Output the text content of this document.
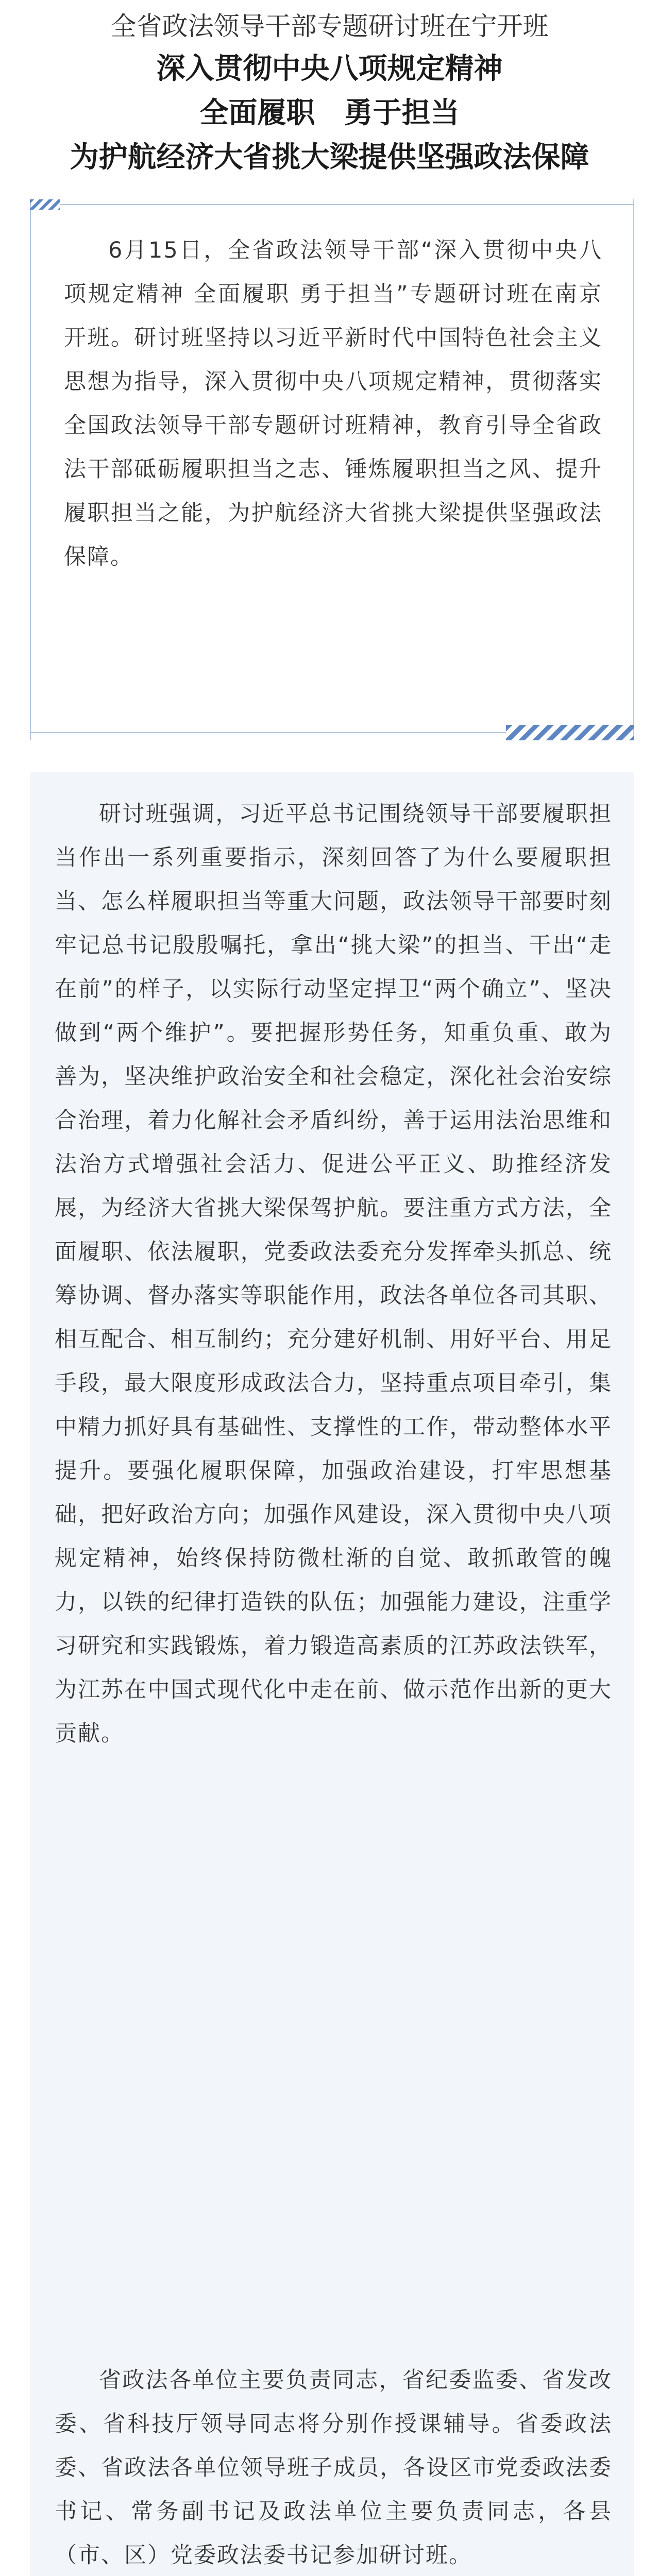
全省政法领导干部专题研讨班在宁开班
深入贯彻中央八项规定精神
全面履职　勇于担当
为护航经济大省挑大梁提供坚强政法保障

6月15日，全省政法领导干部“深入贯彻中央八项规定精神 全面履职 勇于担当”专题研讨班在南京开班。研讨班坚持以习近平新时代中国特色社会主义思想为指导，深入贯彻中央八项规定精神，贯彻落实全国政法领导干部专题研讨班精神，教育引导全省政法干部砥砺履职担当之志、锤炼履职担当之风、提升履职担当之能，为护航经济大省挑大梁提供坚强政法保障。

研讨班强调，习近平总书记围绕领导干部要履职担当作出一系列重要指示，深刻回答了为什么要履职担当、怎么样履职担当等重大问题，政法领导干部要时刻牢记总书记殷殷嘱托，拿出“挑大梁”的担当、干出“走在前”的样子，以实际行动坚定捍卫“两个确立”、坚决做到“两个维护”。要把握形势任务，知重负重、敢为善为，坚决维护政治安全和社会稳定，深化社会治安综合治理，着力化解社会矛盾纠纷，善于运用法治思维和法治方式增强社会活力、促进公平正义、助推经济发展，为经济大省挑大梁保驾护航。要注重方式方法，全面履职、依法履职，党委政法委充分发挥牵头抓总、统筹协调、督办落实等职能作用，政法各单位各司其职、相互配合、相互制约；充分建好机制、用好平台、用足手段，最大限度形成政法合力，坚持重点项目牵引，集中精力抓好具有基础性、支撑性的工作，带动整体水平提升。要强化履职保障，加强政治建设，打牢思想基础，把好政治方向；加强作风建设，深入贯彻中央八项规定精神，始终保持防微杜渐的自觉、敢抓敢管的魄力，以铁的纪律打造铁的队伍；加强能力建设，注重学习研究和实践锻炼，着力锻造高素质的江苏政法铁军，为江苏在中国式现代化中走在前、做示范作出新的更大贡献。

省政法各单位主要负责同志，省纪委监委、省发改委、省科技厅领导同志将分别作授课辅导。省委政法委、省政法各单位领导班子成员，各设区市党委政法委书记、常务副书记及政法单位主要负责同志，各县（市、区）党委政法委书记参加研讨班。
